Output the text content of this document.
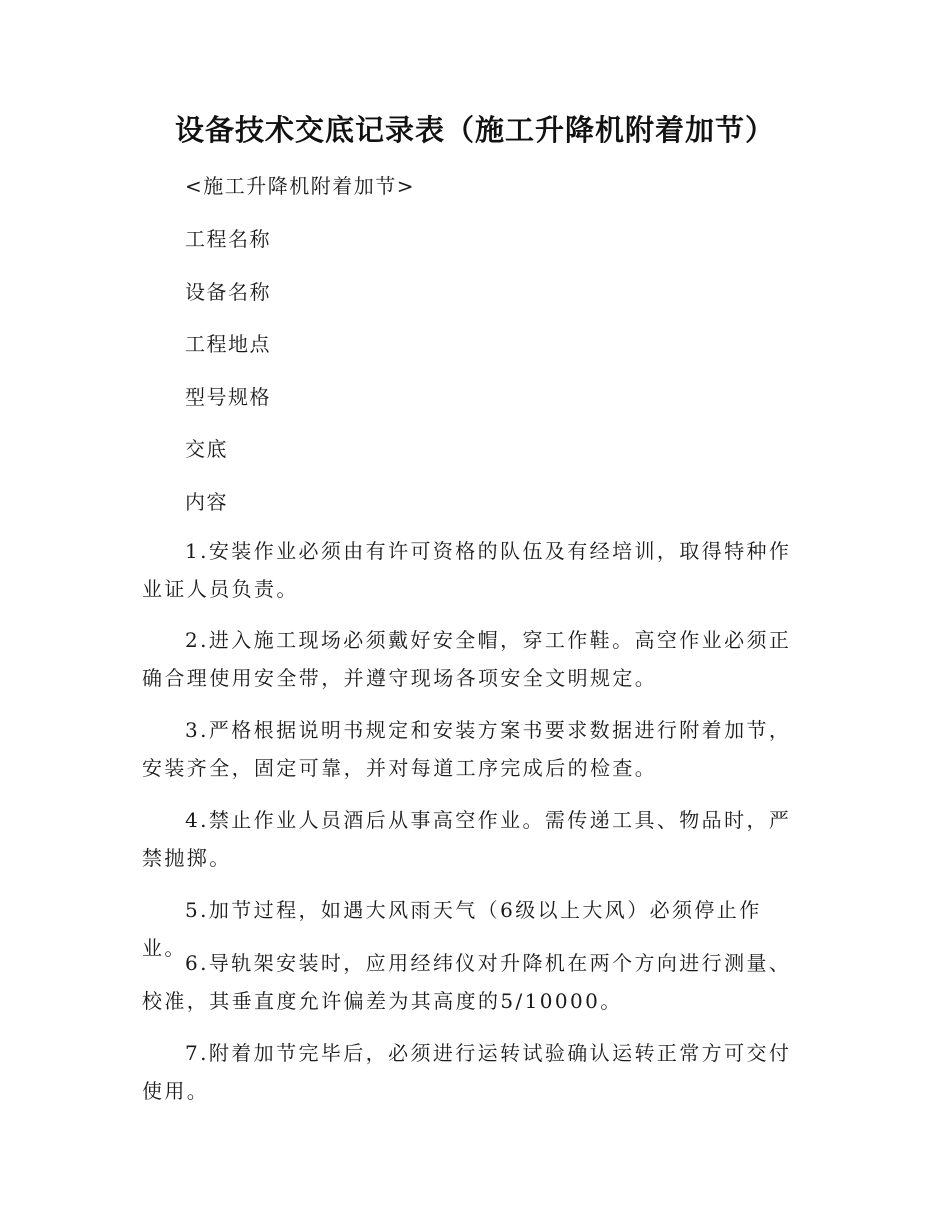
设备技术交底记录表（施工升降机附着加节）

<施工升降机附着加节>

工程名称

设备名称

工程地点

型号规格

交底

内容

1.安装作业必须由有许可资格的队伍及有经培训，取得特种作业证人员负责。

2.进入施工现场必须戴好安全帽，穿工作鞋。高空作业必须正确合理使用安全带，并遵守现场各项安全文明规定。

3.严格根据说明书规定和安装方案书要求数据进行附着加节，安装齐全，固定可靠，并对每道工序完成后的检查。

4.禁止作业人员酒后从事高空作业。需传递工具、物品时，严禁抛掷。

5.加节过程，如遇大风雨天气（6级以上大风）必须停止作业。

6.导轨架安装时，应用经纬仪对升降机在两个方向进行测量、校准，其垂直度允许偏差为其高度的5/10000。

7.附着加节完毕后，必须进行运转试验确认运转正常方可交付使用。
